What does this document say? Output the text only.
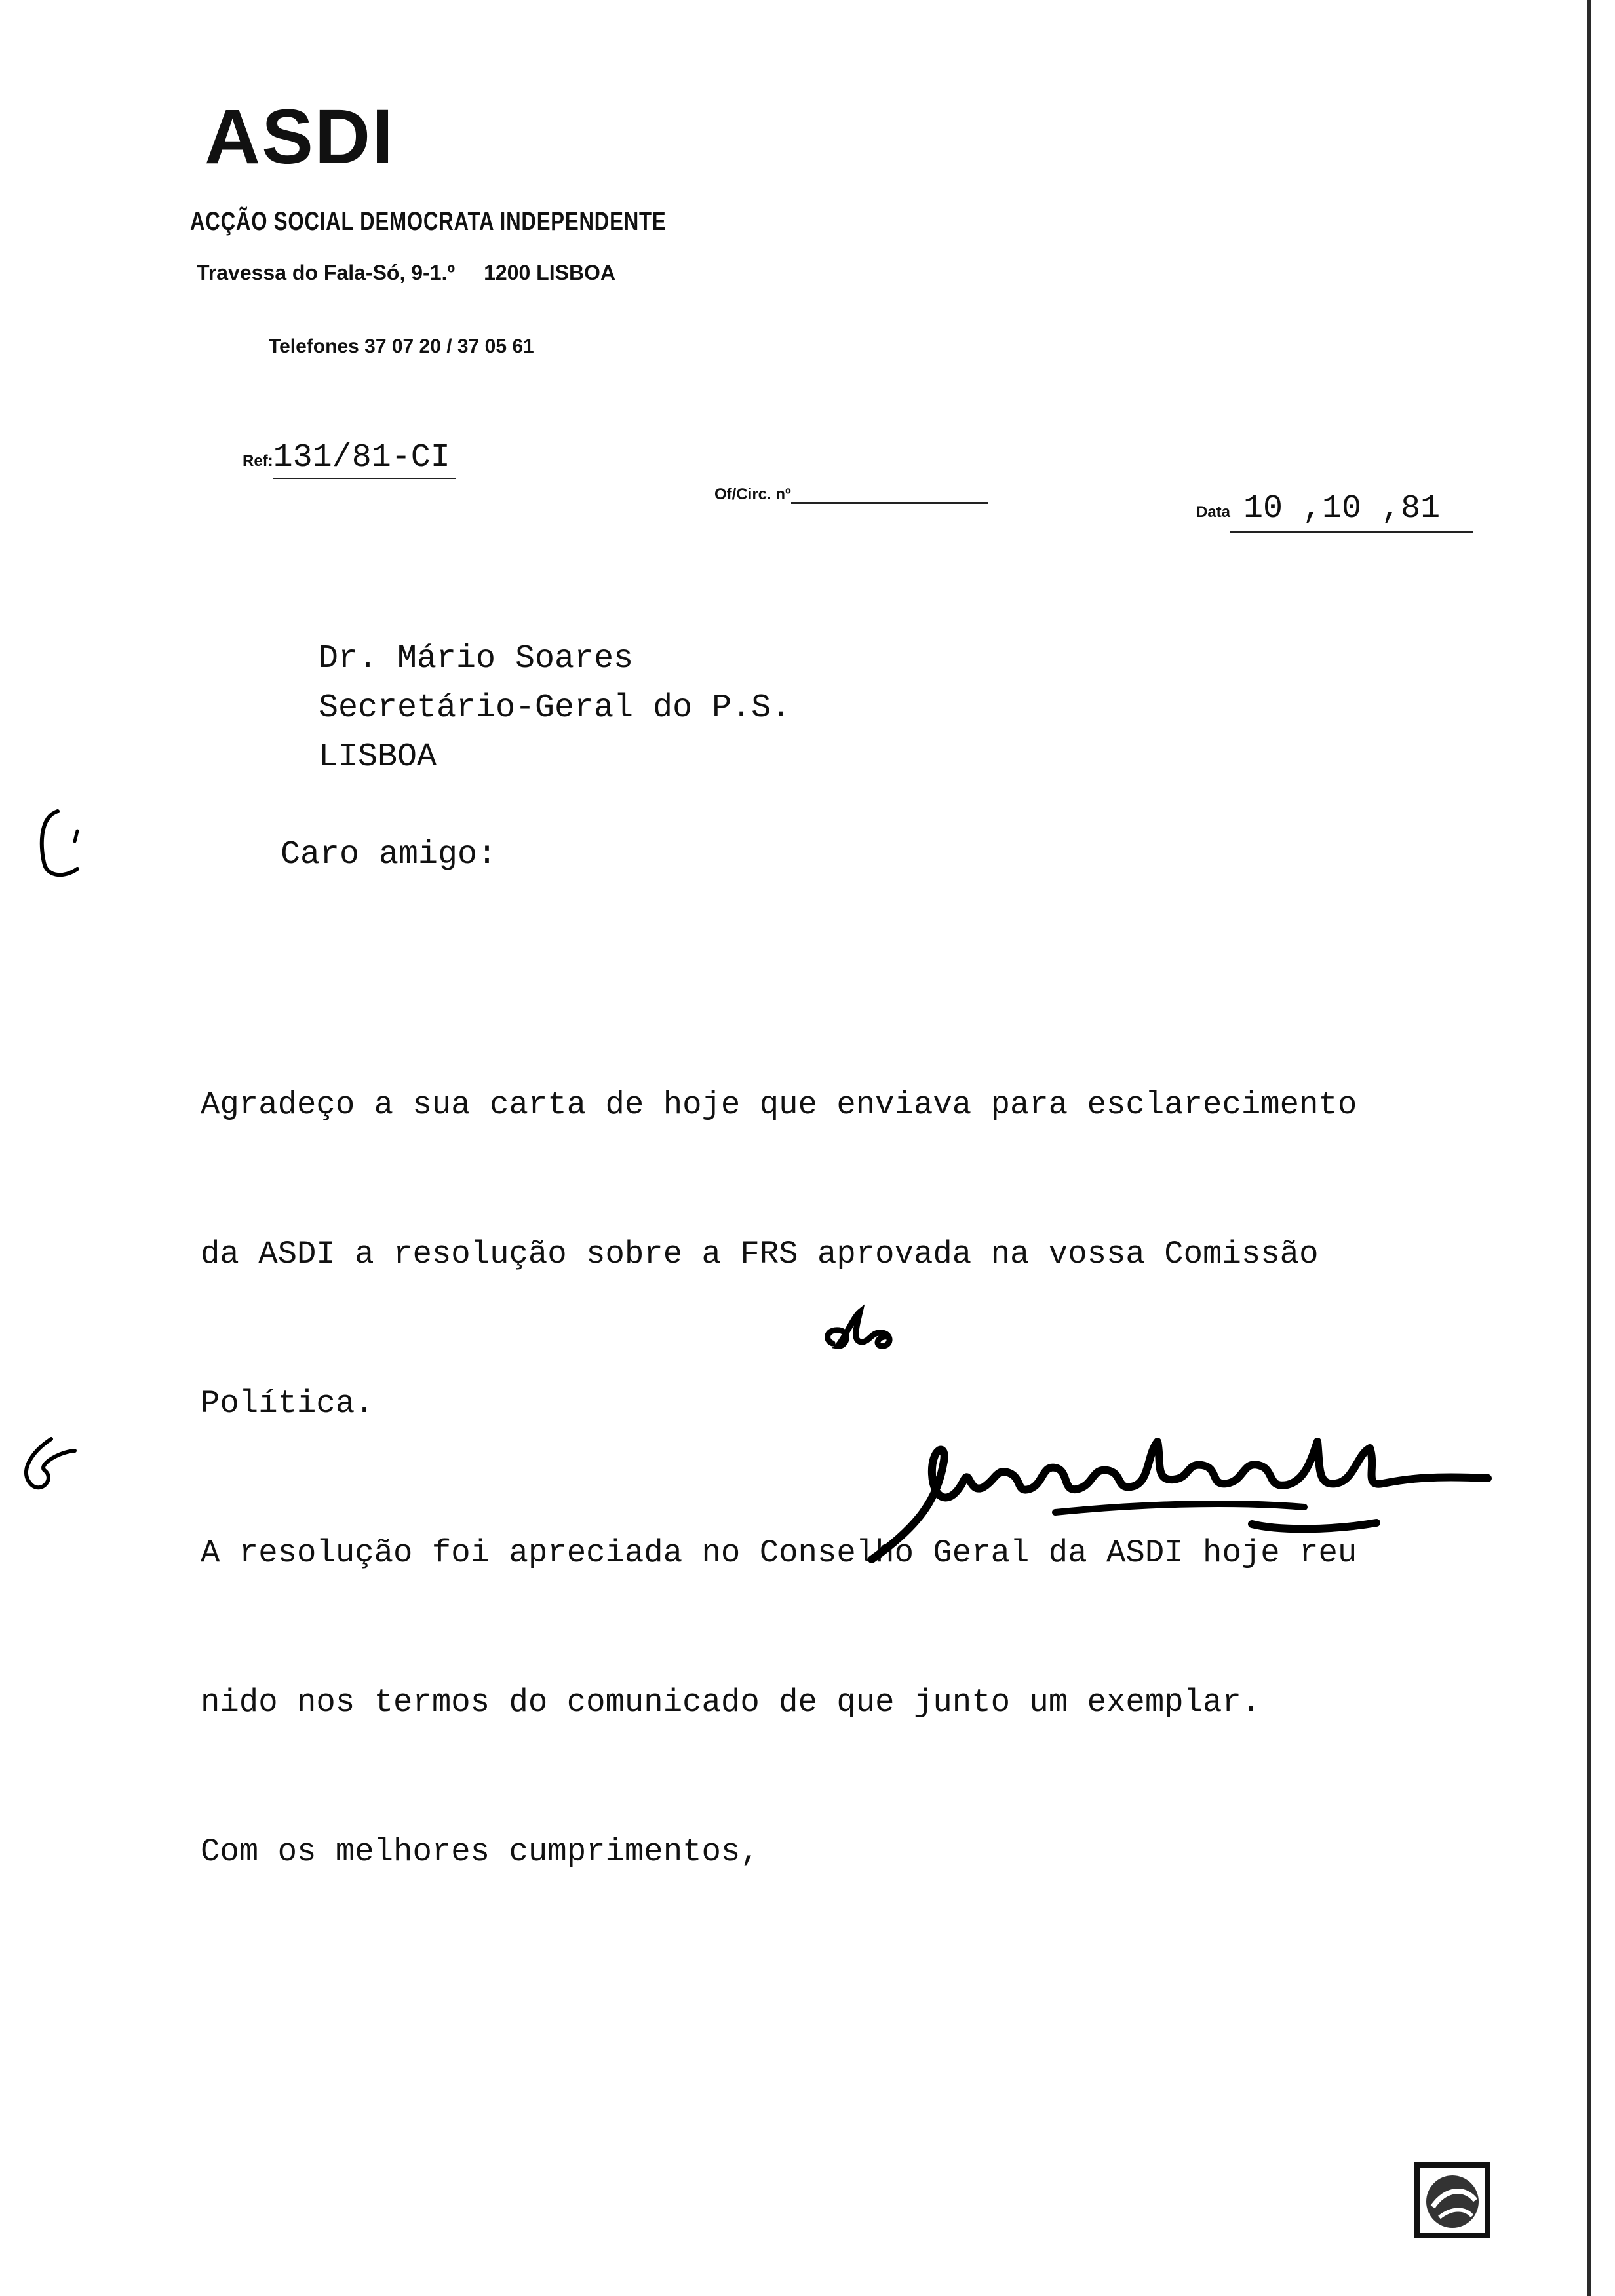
ASDI
ACÇÃO SOCIAL DEMOCRATA INDEPENDENTE
Travessa do Fala-Só, 9-1.º 1200 LISBOA
Telefones 37 07 20 / 37 05 61
Ref:131/81-CI
Of/Circ. nº
Data 10 ,10 ,81
Dr. Mário Soares
Secretário-Geral do P.S.
LISBOA
Caro amigo:

Agradeço a sua carta de hoje que enviava para esclarecimento

da ASDI a resolução sobre a FRS aprovada na vossa Comissão

Política.

A resolução foi apreciada no Conselho Geral da ASDI hoje reu

nido nos termos do comunicado de que junto um exemplar.

Com os melhores cumprimentos,
